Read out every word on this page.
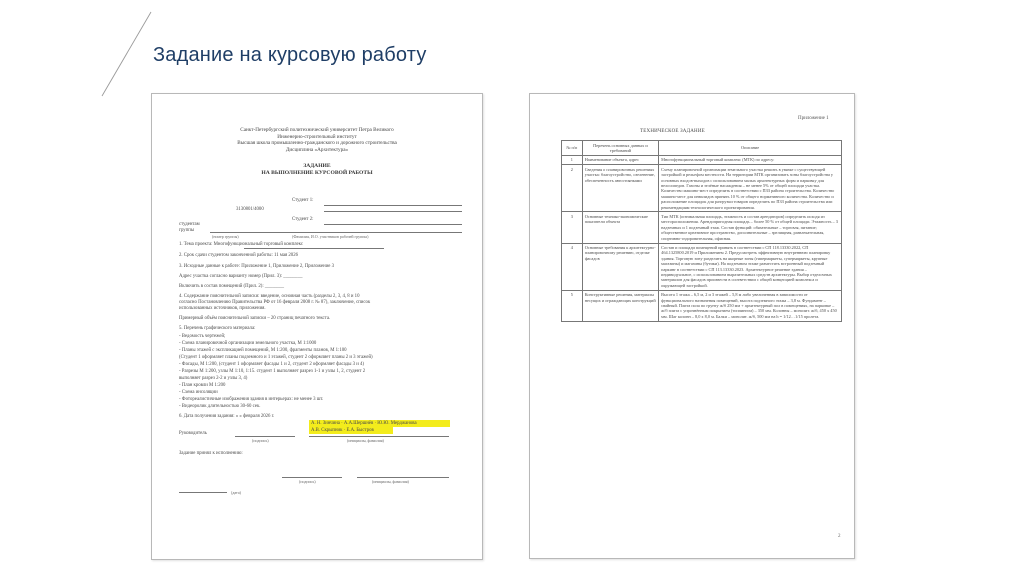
Задание на курсовую работу
Санкт-Петербургский политехнический университет Петра Великого
Инженерно-строительный институт
Высшая школа промышленно-гражданского и дорожного строительства
Дисциплина «Архитектура»
ЗАДАНИЕ
НА ВЫПОЛНЕНИЕ КУРСОВОЙ РАБОТЫ
Студент 1:
3130801/4000
Студент 2:
студентам
группы
(номер группы)	(Фамилия, И.О. участников рабочей группы)
1. Тема проекта: Многофункциональный торговый комплекс
2. Срок сдачи студентом законченной работы: 11 мая 2026
3. Исходные данные к работе: Приложение 1, Приложение 2, Приложение 3
Адрес участка согласно варианту номер (Прил. 3): ________
Включить в состав помещений (Прил. 2): ________
4. Содержание пояснительной записки: введение, основная часть (разделы 2, 3, 4, 8 и 10
согласно Постановлению Правительства РФ от 16 февраля 2008 г. № 87), заключение, список
использованных источников, приложения.
Примерный объём пояснительной записки – 20 страниц печатного текста.
5. Перечень графического материала:
- Ведомость чертежей;
- Схема планировочной организации земельного участка, М 1:1000
- Планы этажей с экспликацией помещений, М 1:200, фрагменты планов, М 1:100
(Студент 1 оформляет планы подземного и 1 этажей, студент 2 оформляет планы 2 и 3 этажей)
- Фасады, М 1:200, (студент 1 оформляет фасады 1 и 2, студент 2 оформляет фасады 3 и 4)
- Разрезы М 1:200, узлы М 1:10, 1:15. студент 1 выполняет разрез 1-1 и узлы 1, 2, студент 2
выполняет разрез 2-2 и узлы 3, 4)
- План кровли М 1:200
- Схема инсоляции
- Фотореалистичные изображения здания в интерьерах: не менее 3 шт.
- Видеоролик длительностью 30-60 сек.
6. Дата получения задания: « » февраля 2026 г.
А. Н. Зинчина · А.А.Шершнёв · Ю.Ю. Мерджанова
Руководитель
А.В. Скрыпник · Е.А. Быстров
(подпись)	(инициалы, фамилия)
Задание принял к исполнению:
(подпись)	(инициалы, фамилия)
(дата)
Приложение 1
ТЕХНИЧЕСКОЕ ЗАДАНИЕ
№ п/п	Перечень основных данных и требований	Описание
1	Наименование объекта, адрес	Многофункциональный торговый комплекс (МТК) по адресу:
2	Сведения о планировочных решениях участка: благоустройство, озеленение, обеспеченность автостоянками	Схему планировочной организации земельного участка решить в увязке с существующей застройкой и рельефом местности. На территории МТК организовать зоны благоустройства у основных входов-выходов с использованием малых архитектурных форм и парковку для велосипедов. Газоны и зелёные насаждения – не менее 5% от общей площади участка. Количество машино-мест определить в соответствии с ПЗЗ района строительства. Количество машино-мест для инвалидов принять 10 % от общего нормативного количества. Количество и расположение площадок для разгрузки товаров определить по ПЗЗ района строительства или рекомендациям технологического проектирования.
3	Основные технико-экономические показатели объекта	Тип МТК (оптимальная площадь, этажность и состав арендаторов) определить исходя из месторасположения. Арендопригодная площадь – более 50 % от общей площади. Этажность – 3 надземных и 1 подземный этаж. Состав функций: обязательные – торговля, питание; общественное креативное пространство, дополнительные – зрелищная, развлекательная, спортивно-оздоровительная, офисная.
4	Основные требования к архитектурно-планировочному решению, отделке фасадов	Состав и площади помещений принять в соответствии с СП 118.13330.2022, СП 464.1325800.2019 и Приложением 2. Предусмотреть эффективную внутреннюю планировку здания. Торговую зону разделить на якорные зоны (гипермаркеты, супермаркеты, крупные магазины) и магазины (бутики). На подземном этаже разместить встроенный подземный паркинг в соответствии с СП 113.13330.2023. Архитектурное решение здания – индивидуальное, с использованием выразительных средств архитектуры. Выбор отделочных материалов для фасадов произвести в соответствии с общей концепцией комплекса и окружающей застройкой.
5	Конструктивные решения, материалы несущих и ограждающих конструкций	Высота 1 этажа – 6,5 м, 2 и 3 этажей – 5,8 м либо увеличенная в зависимости от функционального назначения помещений, высота подземного этажа – 3,8 м. Фундамент – свайный. Плита пола по грунту ж/б 250 мм + архитектурный пол в помещениях, на парковке – ж/б плита с упрочнённым покрытием (топпингом) – 350 мм. Колонны – монолит. ж/б, 450 х 450 мм. Шаг колонн – 8,0 х 8,0 м. Балки – монолит. ж/б, 500 мм на h = 1/12…1/15 пролета.
2
